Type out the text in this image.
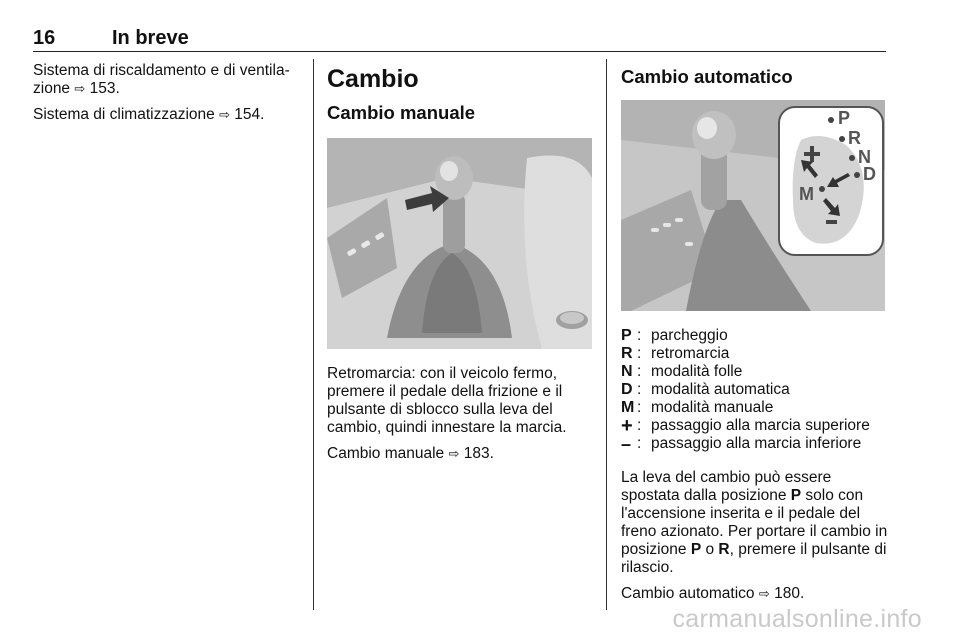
16	In breve

Sistema di riscaldamento e di ventilazione ⇨ 153.

Sistema di climatizzazione ⇨ 154.

Cambio
Cambio manuale

Retromarcia: con il veicolo fermo, premere il pedale della frizione e il pulsante di sblocco sulla leva del cambio, quindi innestare la marcia.

Cambio manuale ⇨ 183.

Cambio automatico
P
R
N
D
M
P : parcheggio
R : retromarcia
N : modalità folle
D : modalità automatica
M : modalità manuale
+ : passaggio alla marcia superiore
– : passaggio alla marcia inferiore

La leva del cambio può essere spostata dalla posizione P solo con l'accensione inserita e il pedale del freno azionato. Per portare il cambio in posizione P o R, premere il pulsante di rilascio.

Cambio automatico ⇨ 180.

carmanualsonline.info
